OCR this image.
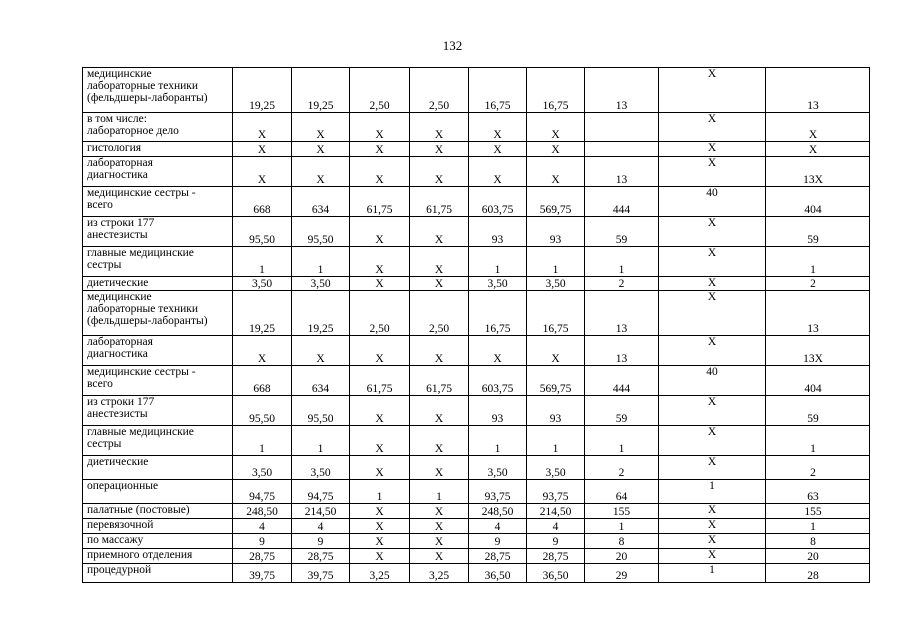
132
медицинские
лабораторные техники
(фельдшеры-лаборанты)	19,25	19,25	2,50	2,50	16,75	16,75	13	X	13
в том числе:
лабораторное дело	X	X	X	X	X	X		X	X
гистология	X	X	X	X	X	X		X	X
лабораторная
диагностика	X	X	X	X	X	X	13	X	13X
медицинские сестры -
всего	668	634	61,75	61,75	603,75	569,75	444	40	404
из строки 177
анестезисты	95,50	95,50	X	X	93	93	59	X	59
главные медицинские
сестры	1	1	X	X	1	1	1	X	1
диетические	3,50	3,50	X	X	3,50	3,50	2	X	2
медицинские
лабораторные техники
(фельдшеры-лаборанты)	19,25	19,25	2,50	2,50	16,75	16,75	13	X	13
лабораторная
диагностика	X	X	X	X	X	X	13	X	13X
медицинские сестры -
всего	668	634	61,75	61,75	603,75	569,75	444	40	404
из строки 177
анестезисты	95,50	95,50	X	X	93	93	59	X	59
главные медицинские
сестры	1	1	X	X	1	1	1	X	1
диетические	3,50	3,50	X	X	3,50	3,50	2	X	2
операционные	94,75	94,75	1	1	93,75	93,75	64	1	63
палатные (постовые)	248,50	214,50	X	X	248,50	214,50	155	X	155
перевязочной	4	4	X	X	4	4	1	X	1
по массажу	9	9	X	X	9	9	8	X	8
приемного отделения	28,75	28,75	X	X	28,75	28,75	20	X	20
процедурной	39,75	39,75	3,25	3,25	36,50	36,50	29	1	28
